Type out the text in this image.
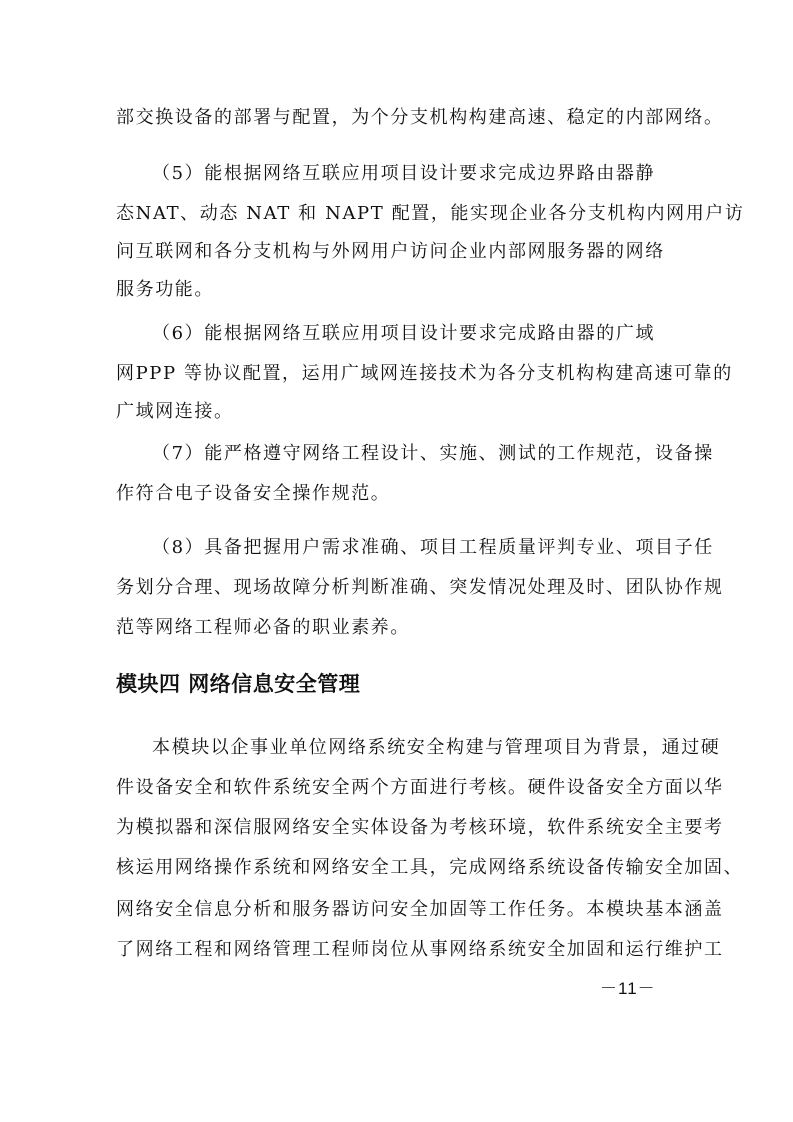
部交换设备的部署与配置，为个分支机构构建高速、稳定的内部网络。
（5）能根据网络互联应用项目设计要求完成边界路由器静
态NAT、动态 NAT 和 NAPT 配置，能实现企业各分支机构内网用户访
问互联网和各分支机构与外网用户访问企业内部网服务器的网络
服务功能。
（6）能根据网络互联应用项目设计要求完成路由器的广域
网PPP 等协议配置，运用广域网连接技术为各分支机构构建高速可靠的
广域网连接。
（7）能严格遵守网络工程设计、实施、测试的工作规范，设备操
作符合电子设备安全操作规范。
（8）具备把握用户需求准确、项目工程质量评判专业、项目子任
务划分合理、现场故障分析判断准确、突发情况处理及时、团队协作规
范等网络工程师必备的职业素养。
模块四 网络信息安全管理
本模块以企事业单位网络系统安全构建与管理项目为背景，通过硬
件设备安全和软件系统安全两个方面进行考核。硬件设备安全方面以华
为模拟器和深信服网络安全实体设备为考核环境，软件系统安全主要考
核运用网络操作系统和网络安全工具，完成网络系统设备传输安全加固、
网络安全信息分析和服务器访问安全加固等工作任务。本模块基本涵盖
了网络工程和网络管理工程师岗位从事网络系统安全加固和运行维护工
－11－
